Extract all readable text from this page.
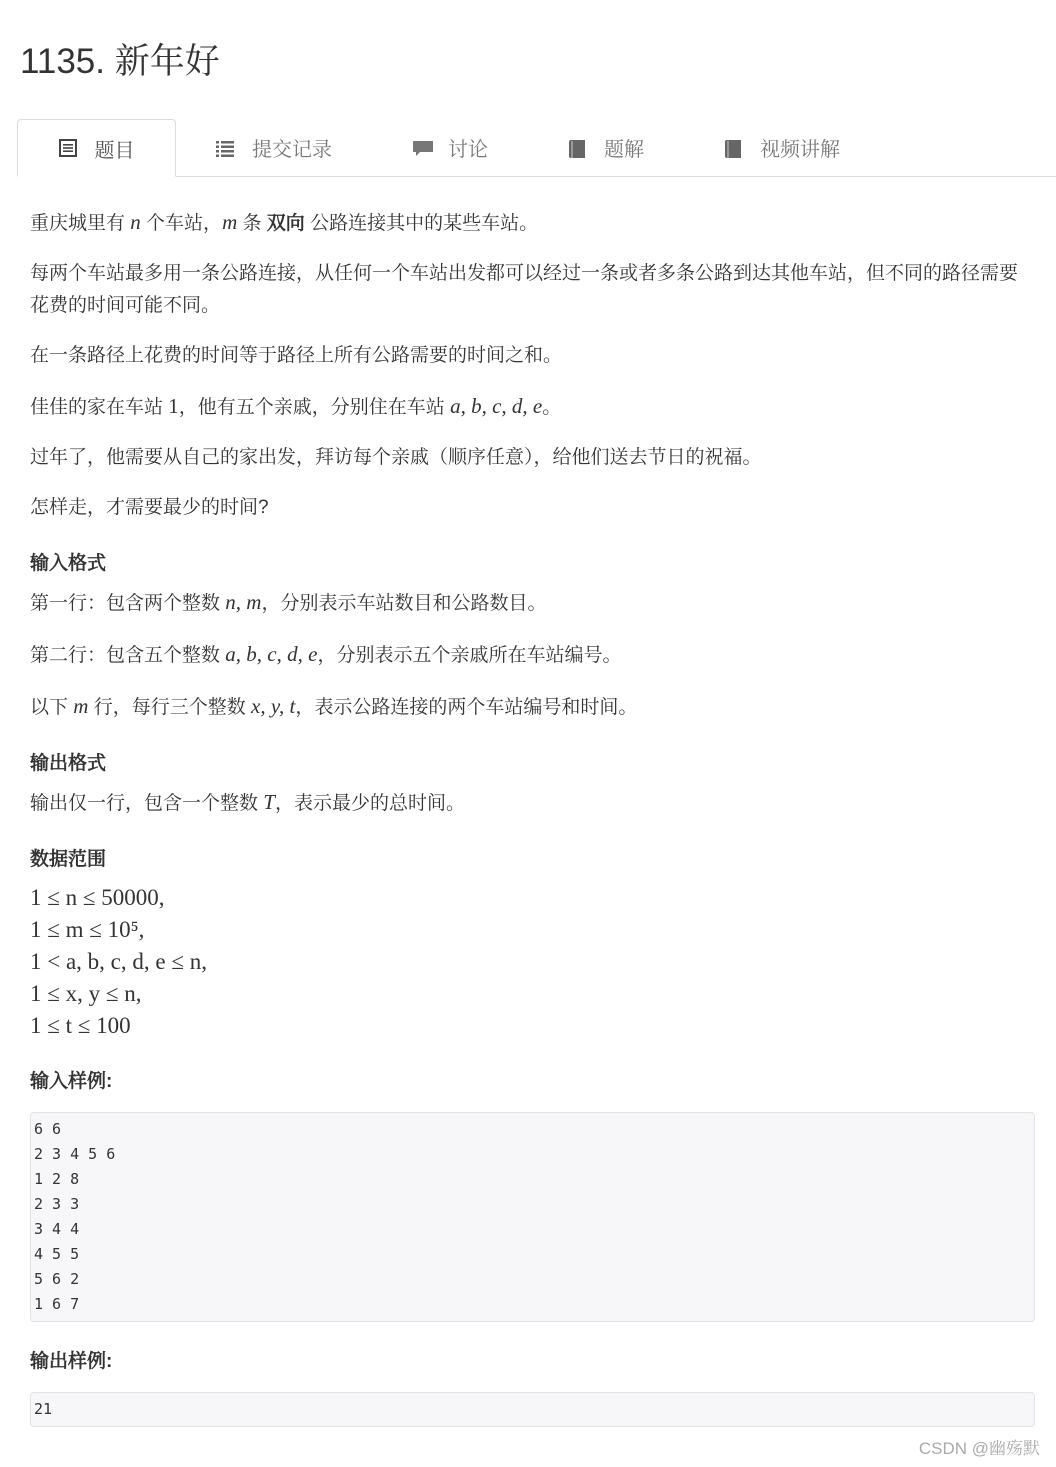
1135. 新年好
题目	提交记录	讨论	题解	视频讲解

重庆城里有 n 个车站，m 条 双向 公路连接其中的某些车站。

每两个车站最多用一条公路连接，从任何一个车站出发都可以经过一条或者多条公路到达其他车站，但不同的路径需要花费的时间可能不同。

在一条路径上花费的时间等于路径上所有公路需要的时间之和。

佳佳的家在车站 1，他有五个亲戚，分别住在车站 a, b, c, d, e。

过年了，他需要从自己的家出发，拜访每个亲戚（顺序任意），给他们送去节日的祝福。

怎样走，才需要最少的时间?

输入格式

第一行：包含两个整数 n, m，分别表示车站数目和公路数目。

第二行：包含五个整数 a, b, c, d, e，分别表示五个亲戚所在车站编号。

以下 m 行，每行三个整数 x, y, t，表示公路连接的两个车站编号和时间。

输出格式

输出仅一行，包含一个整数 T，表示最少的总时间。

数据范围
1 ≤ n ≤ 50000,
1 ≤ m ≤ 10⁵,
1 < a, b, c, d, e ≤ n,
1 ≤ x, y ≤ n,
1 ≤ t ≤ 100
输入样例:
6 6
2 3 4 5 6
1 2 8
2 3 3
3 4 4
4 5 5
5 6 2
1 6 7
输出样例:
21
CSDN @幽殇默
